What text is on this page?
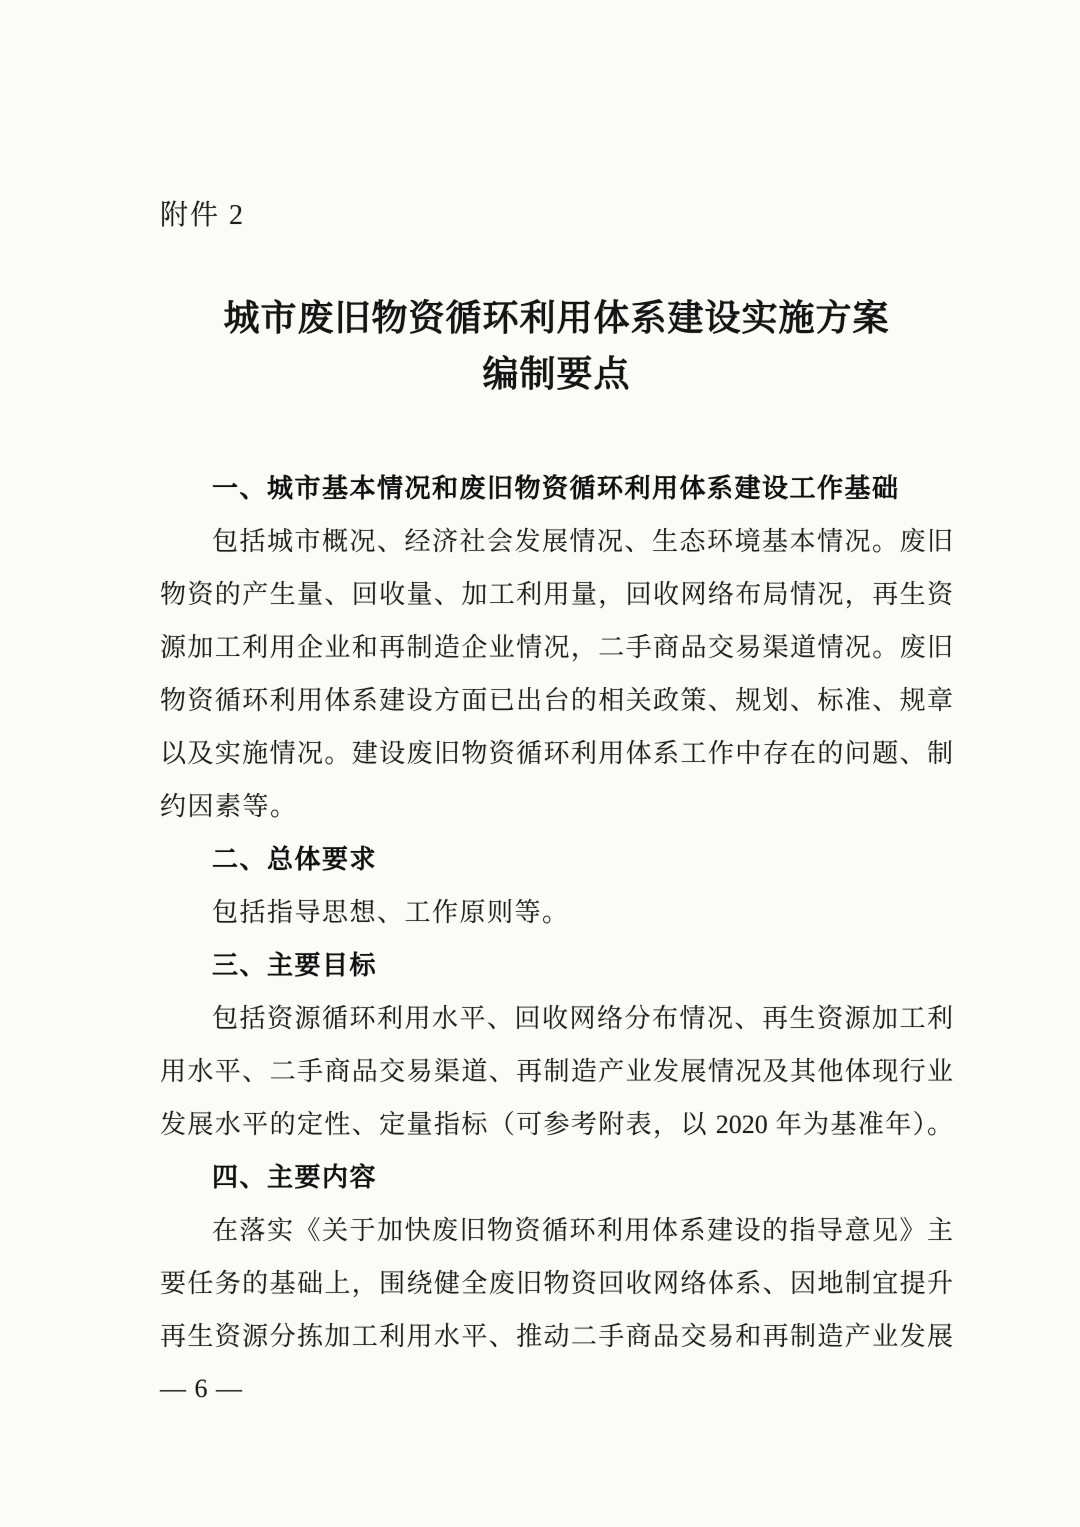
附件 2
城市废旧物资循环利用体系建设实施方案
编制要点
一、城市基本情况和废旧物资循环利用体系建设工作基础
包括城市概况、经济社会发展情况、生态环境基本情况。废旧
物资的产生量、回收量、加工利用量，回收网络布局情况，再生资
源加工利用企业和再制造企业情况，二手商品交易渠道情况。废旧
物资循环利用体系建设方面已出台的相关政策、规划、标准、规章
以及实施情况。建设废旧物资循环利用体系工作中存在的问题、制
约因素等。
二、总体要求
包括指导思想、工作原则等。
三、主要目标
包括资源循环利用水平、回收网络分布情况、再生资源加工利
用水平、二手商品交易渠道、再制造产业发展情况及其他体现行业
发展水平的定性、定量指标（可参考附表，以 2020 年为基准年）。
四、主要内容
在落实《关于加快废旧物资循环利用体系建设的指导意见》主
要任务的基础上，围绕健全废旧物资回收网络体系、因地制宜提升
再生资源分拣加工利用水平、推动二手商品交易和再制造产业发展
— 6 —
